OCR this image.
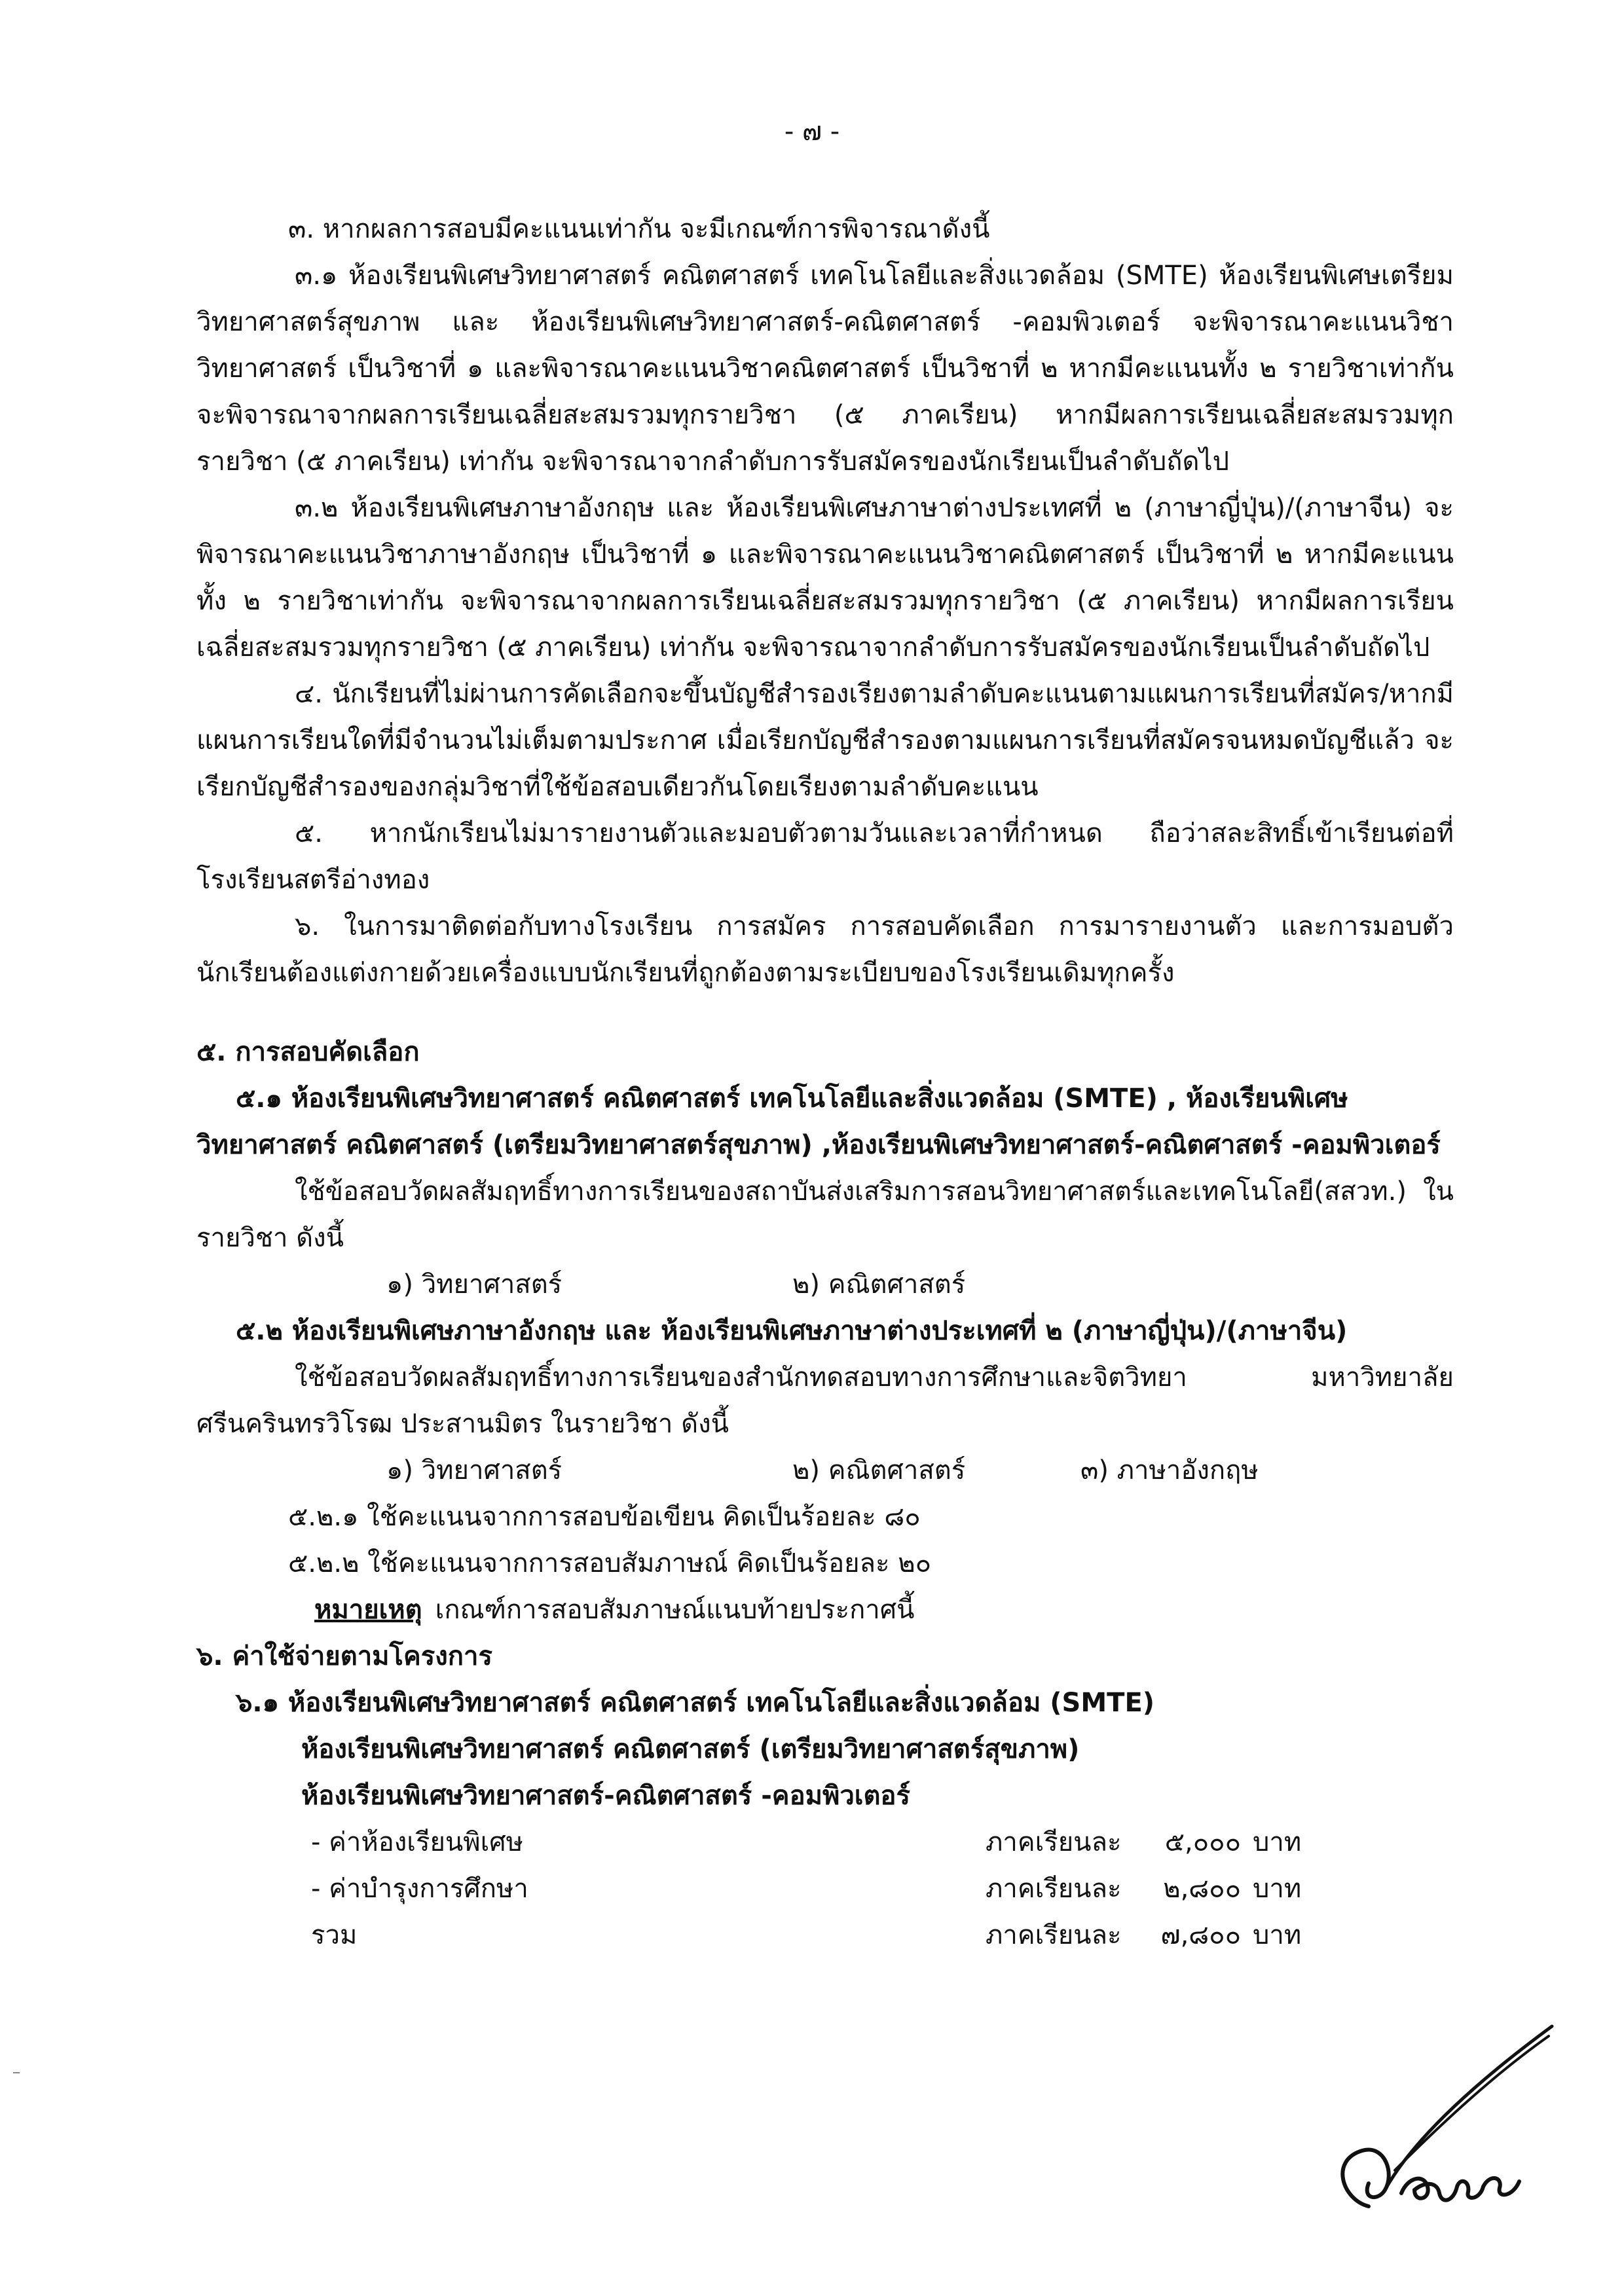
- ๗ -

๓. หากผลการสอบมีคะแนนเท่ากัน จะมีเกณฑ์การพิจารณาดังนี้

๓.๑ ห้องเรียนพิเศษวิทยาศาสตร์ คณิตศาสตร์ เทคโนโลยีและสิ่งแวดล้อม (SMTE) ห้องเรียนพิเศษเตรียมวิทยาศาสตร์สุขภาพ และ ห้องเรียนพิเศษวิทยาศาสตร์-คณิตศาสตร์ -คอมพิวเตอร์ จะพิจารณาคะแนนวิชาวิทยาศาสตร์ เป็นวิชาที่ ๑ และพิจารณาคะแนนวิชาคณิตศาสตร์ เป็นวิชาที่ ๒ หากมีคะแนนทั้ง ๒ รายวิชาเท่ากัน จะพิจารณาจากผลการเรียนเฉลี่ยสะสมรวมทุกรายวิชา (๕ ภาคเรียน) หากมีผลการเรียนเฉลี่ยสะสมรวมทุกรายวิชา (๕ ภาคเรียน) เท่ากัน จะพิจารณาจากลำดับการรับสมัครของนักเรียนเป็นลำดับถัดไป

๓.๒ ห้องเรียนพิเศษภาษาอังกฤษ และ ห้องเรียนพิเศษภาษาต่างประเทศที่ ๒ (ภาษาญี่ปุ่น)/(ภาษาจีน) จะพิจารณาคะแนนวิชาภาษาอังกฤษ เป็นวิชาที่ ๑ และพิจารณาคะแนนวิชาคณิตศาสตร์ เป็นวิชาที่ ๒ หากมีคะแนนทั้ง ๒ รายวิชาเท่ากัน จะพิจารณาจากผลการเรียนเฉลี่ยสะสมรวมทุกรายวิชา (๕ ภาคเรียน) หากมีผลการเรียนเฉลี่ยสะสมรวมทุกรายวิชา (๕ ภาคเรียน) เท่ากัน จะพิจารณาจากลำดับการรับสมัครของนักเรียนเป็นลำดับถัดไป

๔. นักเรียนที่ไม่ผ่านการคัดเลือกจะขึ้นบัญชีสำรองเรียงตามลำดับคะแนนตามแผนการเรียนที่สมัคร/หากมีแผนการเรียนใดที่มีจำนวนไม่เต็มตามประกาศ เมื่อเรียกบัญชีสำรองตามแผนการเรียนที่สมัครจนหมดบัญชีแล้ว จะเรียกบัญชีสำรองของกลุ่มวิชาที่ใช้ข้อสอบเดียวกันโดยเรียงตามลำดับคะแนน

๕. หากนักเรียนไม่มารายงานตัวและมอบตัวตามวันและเวลาที่กำหนด ถือว่าสละสิทธิ์เข้าเรียนต่อที่โรงเรียนสตรีอ่างทอง

๖. ในการมาติดต่อกับทางโรงเรียน การสมัคร การสอบคัดเลือก การมารายงานตัว และการมอบตัวนักเรียนต้องแต่งกายด้วยเครื่องแบบนักเรียนที่ถูกต้องตามระเบียบของโรงเรียนเดิมทุกครั้ง

๕. การสอบคัดเลือก

๕.๑ ห้องเรียนพิเศษวิทยาศาสตร์ คณิตศาสตร์ เทคโนโลยีและสิ่งแวดล้อม (SMTE) , ห้องเรียนพิเศษ

วิทยาศาสตร์ คณิตศาสตร์ (เตรียมวิทยาศาสตร์สุขภาพ) ,ห้องเรียนพิเศษวิทยาศาสตร์-คณิตศาสตร์ -คอมพิวเตอร์

ใช้ข้อสอบวัดผลสัมฤทธิ์ทางการเรียนของสถาบันส่งเสริมการสอนวิทยาศาสตร์และเทคโนโลยี(สสวท.) ในรายวิชา ดังนี้

๑) วิทยาศาสตร์	๒) คณิตศาสตร์

๕.๒ ห้องเรียนพิเศษภาษาอังกฤษ และ ห้องเรียนพิเศษภาษาต่างประเทศที่ ๒ (ภาษาญี่ปุ่น)/(ภาษาจีน)

ใช้ข้อสอบวัดผลสัมฤทธิ์ทางการเรียนของสำนักทดสอบทางการศึกษาและจิตวิทยา มหาวิทยาลัยศรีนครินทรวิโรฒ ประสานมิตร ในรายวิชา ดังนี้

๑) วิทยาศาสตร์	๒) คณิตศาสตร์	๓) ภาษาอังกฤษ

๕.๒.๑ ใช้คะแนนจากการสอบข้อเขียน คิดเป็นร้อยละ ๘๐

๕.๒.๒ ใช้คะแนนจากการสอบสัมภาษณ์ คิดเป็นร้อยละ ๒๐

หมายเหตุ เกณฑ์การสอบสัมภาษณ์แนบท้ายประกาศนี้

๖. ค่าใช้จ่ายตามโครงการ

๖.๑ ห้องเรียนพิเศษวิทยาศาสตร์ คณิตศาสตร์ เทคโนโลยีและสิ่งแวดล้อม (SMTE)

ห้องเรียนพิเศษวิทยาศาสตร์ คณิตศาสตร์ (เตรียมวิทยาศาสตร์สุขภาพ)

ห้องเรียนพิเศษวิทยาศาสตร์-คณิตศาสตร์ -คอมพิวเตอร์

- ค่าห้องเรียนพิเศษ	ภาคเรียนละ	๕,๐๐๐ บาท
- ค่าบำรุงการศึกษา	ภาคเรียนละ	๒,๘๐๐ บาท
รวม	ภาคเรียนละ	๗,๘๐๐ บาท
